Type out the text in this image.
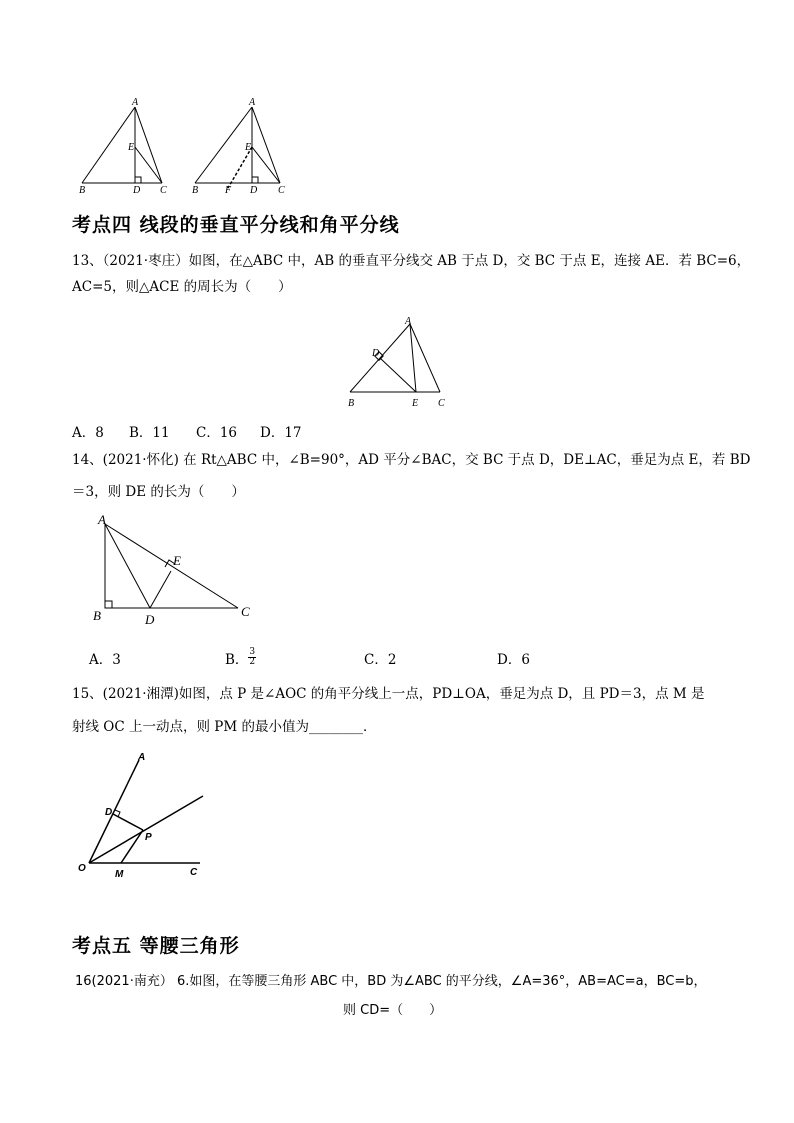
A
E
B	D C
A
E
B	F D C
考点四 线段的垂直平分线和角平分线
13、（2021·枣庄）如图，在△ABC 中，AB 的垂直平分线交 AB 于点 D，交 BC 于点 E，连接 AE．若 BC=6，
AC=5，则△ACE 的周长为（　　）
A
D
B	E C
A．8 B．11 C．16 D．17
14、(2021·怀化) 在 Rt△ABC 中，∠B=90°，AD 平分∠BAC，交 BC 于点 D，DE⊥AC，垂足为点 E，若 BD
＝3，则 DE 的长为（　　）
A
E
B	D
C
A．3	B． $\frac{3}{2}$	C．2	D．6
15、(2021·湘潭)如图，点 P 是∠AOC 的角平分线上一点，PD⊥OA，垂足为点 D，且 PD＝3，点 M 是
射线 OC 上一动点，则 PM 的最小值为________．
A
D
P
O
M	C
考点五 等腰三角形
16(2021·南充） 6.如图，在等腰三角形 ABC 中，BD 为∠ABC 的平分线，∠A=36°，AB=AC=a，BC=b，
则 CD=（　　）
